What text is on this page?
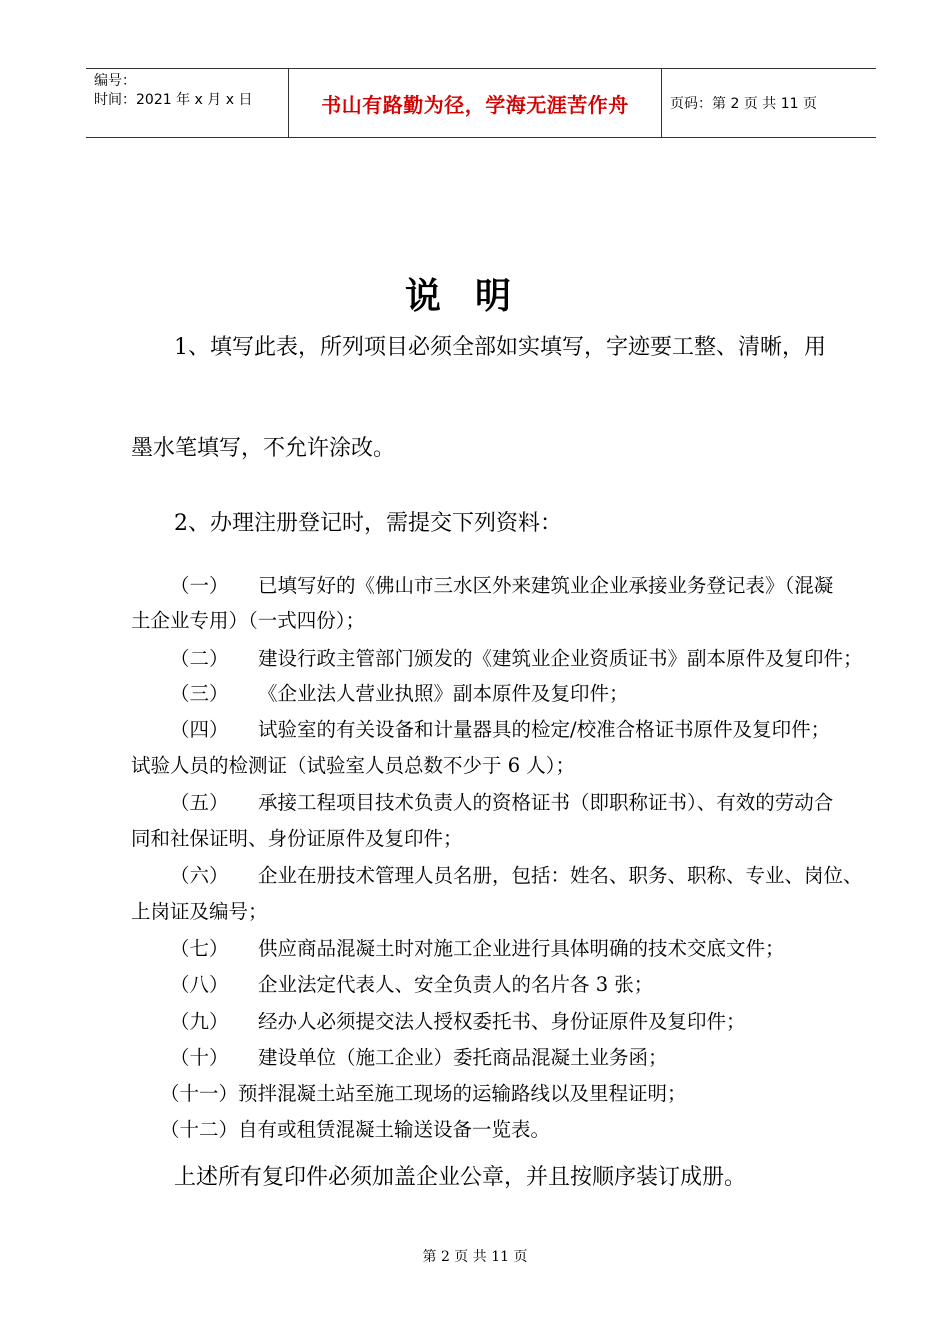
编号：
时间：2021 年 x 月 x 日	书山有路勤为径，学海无涯苦作舟	页码：第 2 页 共 11 页
说明
1、填写此表，所列项目必须全部如实填写，字迹要工整、清晰，用
墨水笔填写，不允许涂改。
2、办理注册登记时，需提交下列资料：
（一） 已填写好的《佛山市三水区外来建筑业企业承接业务登记表》（混凝
土企业专用）（一式四份）；
（二） 建设行政主管部门颁发的《建筑业企业资质证书》副本原件及复印件；
（三） 《企业法人营业执照》副本原件及复印件；
（四） 试验室的有关设备和计量器具的检定/校准合格证书原件及复印件；
试验人员的检测证（试验室人员总数不少于 6 人）；
（五） 承接工程项目技术负责人的资格证书（即职称证书）、有效的劳动合
同和社保证明、身份证原件及复印件；
（六） 企业在册技术管理人员名册，包括：姓名、职务、职称、专业、岗位、
上岗证及编号；
（七） 供应商品混凝土时对施工企业进行具体明确的技术交底文件；
（八） 企业法定代表人、安全负责人的名片各 3 张；
（九） 经办人必须提交法人授权委托书、身份证原件及复印件；
（十） 建设单位（施工企业）委托商品混凝土业务函；
（十一）预拌混凝土站至施工现场的运输路线以及里程证明；
（十二）自有或租赁混凝土输送设备一览表。
上述所有复印件必须加盖企业公章，并且按顺序装订成册。
第 2 页 共 11 页
